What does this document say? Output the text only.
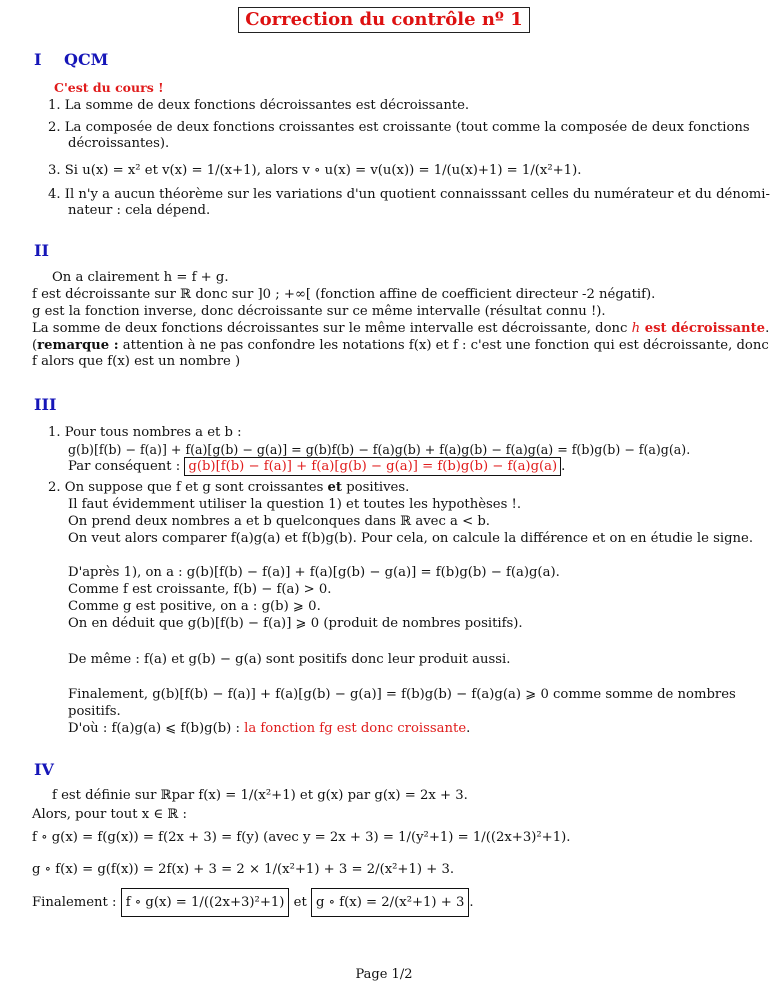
Correction du contrôle nº 1
I QCM
C'est du cours !
1. La somme de deux fonctions décroissantes est décroissante.
2. La composée de deux fonctions croissantes est croissante (tout comme la composée de deux fonctions
décroissantes).
3. Si u(x) = x² et v(x) = 1/(x+1), alors v ∘ u(x) = v(u(x)) = 1/(u(x)+1) = 1/(x²+1).
4. Il n'y a aucun théorème sur les variations d'un quotient connaisssant celles du numérateur et du dénomi-
nateur : cela dépend.
II
On a clairement h = f + g.
f est décroissante sur ℝ donc sur ]0 ; +∞[ (fonction affine de coefficient directeur -2 négatif).
g est la fonction inverse, donc décroissante sur ce même intervalle (résultat connu !).
La somme de deux fonctions décroissantes sur le même intervalle est décroissante, donc h est décroissante.
(remarque : attention à ne pas confondre les notations f(x) et f : c'est une fonction qui est décroissante, donc
f alors que f(x) est un nombre )
III
1. Pour tous nombres a et b :
g(b)[f(b) − f(a)] + f(a)[g(b) − g(a)] = g(b)f(b) − f(a)g(b) + f(a)g(b) − f(a)g(a) = f(b)g(b) − f(a)g(a).
Par conséquent : g(b)[f(b) − f(a)] + f(a)[g(b) − g(a)] = f(b)g(b) − f(a)g(a) .
2. On suppose que f et g sont croissantes et positives.
Il faut évidemment utiliser la question 1) et toutes les hypothèses !.
On prend deux nombres a et b quelconques dans ℝ avec a < b.
On veut alors comparer f(a)g(a) et f(b)g(b). Pour cela, on calcule la différence et on en étudie le signe.
D'après 1), on a : g(b)[f(b) − f(a)] + f(a)[g(b) − g(a)] = f(b)g(b) − f(a)g(a).
Comme f est croissante, f(b) − f(a) > 0.
Comme g est positive, on a : g(b) ⩾ 0.
On en déduit que g(b)[f(b) − f(a)] ⩾ 0 (produit de nombres positifs).
De même : f(a) et g(b) − g(a) sont positifs donc leur produit aussi.
Finalement, g(b)[f(b) − f(a)] + f(a)[g(b) − g(a)] = f(b)g(b) − f(a)g(a) ⩾ 0 comme somme de nombres
positifs.
D'où : f(a)g(a) ⩽ f(b)g(b) : la fonction fg est donc croissante.
IV
f est définie sur ℝpar f(x) = 1/(x²+1) et g(x) par g(x) = 2x + 3.
Alors, pour tout x ∈ ℝ :
f ∘ g(x) = f(g(x)) = f(2x + 3) = f(y) (avec y = 2x + 3) = 1/(y²+1) = 1/((2x+3)²+1).
g ∘ f(x) = g(f(x)) = 2f(x) + 3 = 2 × 1/(x²+1) + 3 = 2/(x²+1) + 3.
Finalement : f ∘ g(x) = 1/((2x+3)²+1) et g ∘ f(x) = 2/(x²+1) + 3 .
Page 1/2
